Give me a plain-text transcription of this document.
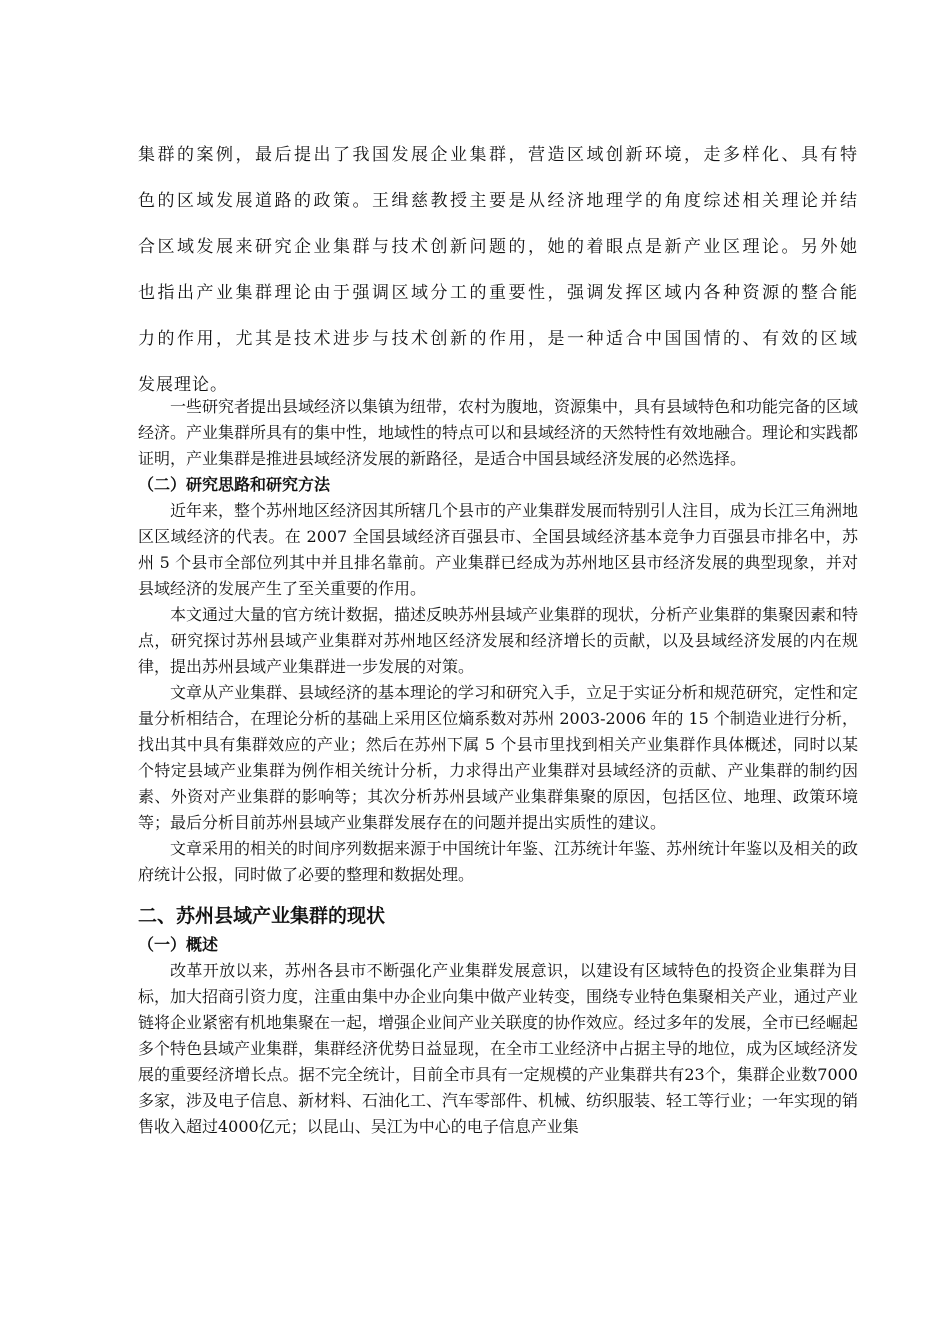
集群的案例，最后提出了我国发展企业集群，营造区域创新环境，走多样化、具有特
色的区域发展道路的政策。王缉慈教授主要是从经济地理学的角度综述相关理论并结
合区域发展来研究企业集群与技术创新问题的，她的着眼点是新产业区理论。另外她
也指出产业集群理论由于强调区域分工的重要性，强调发挥区域内各种资源的整合能
力的作用，尤其是技术进步与技术创新的作用，是一种适合中国国情的、有效的区域
发展理论。

一些研究者提出县域经济以集镇为纽带，农村为腹地，资源集中，具有县域特色和功能完备的区域经济。产业集群所具有的集中性，地域性的特点可以和县域经济的天然特性有效地融合。理论和实践都证明，产业集群是推进县域经济发展的新路径，是适合中国县域经济发展的必然选择。

（二）研究思路和研究方法

近年来，整个苏州地区经济因其所辖几个县市的产业集群发展而特别引人注目，成为长江三角洲地区区域经济的代表。在 2007 全国县域经济百强县市、全国县域经济基本竞争力百强县市排名中，苏州 5 个县市全部位列其中并且排名靠前。产业集群已经成为苏州地区县市经济发展的典型现象，并对县域经济的发展产生了至关重要的作用。

本文通过大量的官方统计数据，描述反映苏州县域产业集群的现状，分析产业集群的集聚因素和特点，研究探讨苏州县域产业集群对苏州地区经济发展和经济增长的贡献，以及县域经济发展的内在规律，提出苏州县域产业集群进一步发展的对策。

文章从产业集群、县域经济的基本理论的学习和研究入手，立足于实证分析和规范研究，定性和定量分析相结合，在理论分析的基础上采用区位熵系数对苏州 2003-2006 年的 15 个制造业进行分析，找出其中具有集群效应的产业；然后在苏州下属 5 个县市里找到相关产业集群作具体概述，同时以某个特定县域产业集群为例作相关统计分析，力求得出产业集群对县域经济的贡献、产业集群的制约因素、外资对产业集群的影响等；其次分析苏州县域产业集群集聚的原因，包括区位、地理、政策环境等；最后分析目前苏州县域产业集群发展存在的问题并提出实质性的建议。

文章采用的相关的时间序列数据来源于中国统计年鉴、江苏统计年鉴、苏州统计年鉴以及相关的政府统计公报，同时做了必要的整理和数据处理。

二、苏州县域产业集群的现状
（一）概述

改革开放以来，苏州各县市不断强化产业集群发展意识，以建设有区域特色的投资企业集群为目标，加大招商引资力度，注重由集中办企业向集中做产业转变，围绕专业特色集聚相关产业，通过产业链将企业紧密有机地集聚在一起，增强企业间产业关联度的协作效应。经过多年的发展，全市已经崛起多个特色县域产业集群，集群经济优势日益显现，在全市工业经济中占据主导的地位，成为区域经济发展的重要经济增长点。据不完全统计，目前全市具有一定规模的产业集群共有23个，集群企业数7000多家，涉及电子信息、新材料、石油化工、汽车零部件、机械、纺织服装、轻工等行业；一年实现的销售收入超过4000亿元；以昆山、吴江为中心的电子信息产业集
